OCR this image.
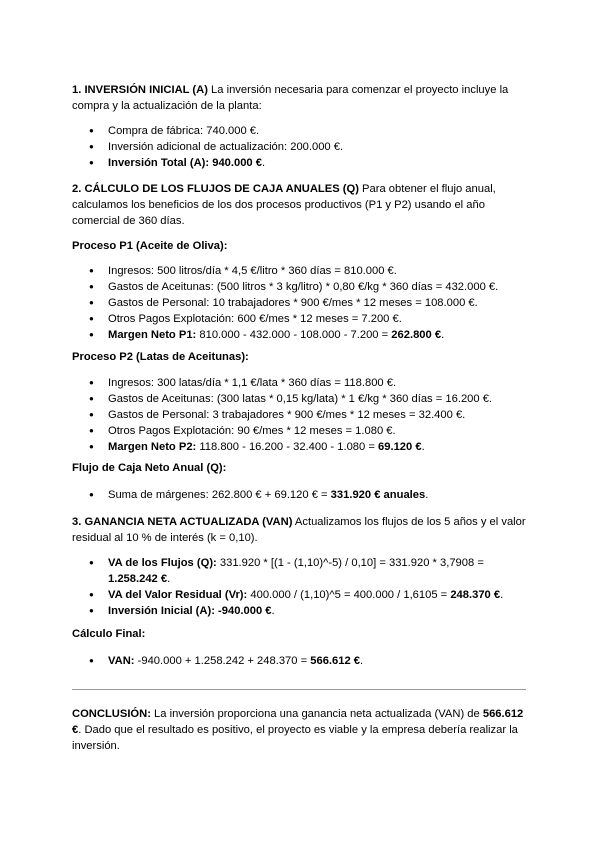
1. INVERSIÓN INICIAL (A) La inversión necesaria para comenzar el proyecto incluye la compra y la actualización de la planta:

● Compra de fábrica: 740.000 €.
● Inversión adicional de actualización: 200.000 €.
● Inversión Total (A): 940.000 €.

2. CÁLCULO DE LOS FLUJOS DE CAJA ANUALES (Q) Para obtener el flujo anual, calculamos los beneficios de los dos procesos productivos (P1 y P2) usando el año comercial de 360 días.

Proceso P1 (Aceite de Oliva):

● Ingresos: 500 litros/día * 4,5 €/litro * 360 días = 810.000 €.
● Gastos de Aceitunas: (500 litros * 3 kg/litro) * 0,80 €/kg * 360 días = 432.000 €.
● Gastos de Personal: 10 trabajadores * 900 €/mes * 12 meses = 108.000 €.
● Otros Pagos Explotación: 600 €/mes * 12 meses = 7.200 €.
● Margen Neto P1: 810.000 - 432.000 - 108.000 - 7.200 = 262.800 €.

Proceso P2 (Latas de Aceitunas):

● Ingresos: 300 latas/día * 1,1 €/lata * 360 días = 118.800 €.
● Gastos de Aceitunas: (300 latas * 0,15 kg/lata) * 1 €/kg * 360 días = 16.200 €.
● Gastos de Personal: 3 trabajadores * 900 €/mes * 12 meses = 32.400 €.
● Otros Pagos Explotación: 90 €/mes * 12 meses = 1.080 €.
● Margen Neto P2: 118.800 - 16.200 - 32.400 - 1.080 = 69.120 €.

Flujo de Caja Neto Anual (Q):

● Suma de márgenes: 262.800 € + 69.120 € = 331.920 € anuales.

3. GANANCIA NETA ACTUALIZADA (VAN) Actualizamos los flujos de los 5 años y el valor residual al 10 % de interés (k = 0,10).

● VA de los Flujos (Q): 331.920 * [(1 - (1,10)^-5) / 0,10] = 331.920 * 3,7908 = 1.258.242 €.
● VA del Valor Residual (Vr): 400.000 / (1,10)^5 = 400.000 / 1,6105 = 248.370 €.
● Inversión Inicial (A): -940.000 €.

Cálculo Final:

● VAN: -940.000 + 1.258.242 + 248.370 = 566.612 €.

CONCLUSIÓN: La inversión proporciona una ganancia neta actualizada (VAN) de 566.612 €. Dado que el resultado es positivo, el proyecto es viable y la empresa debería realizar la inversión.
